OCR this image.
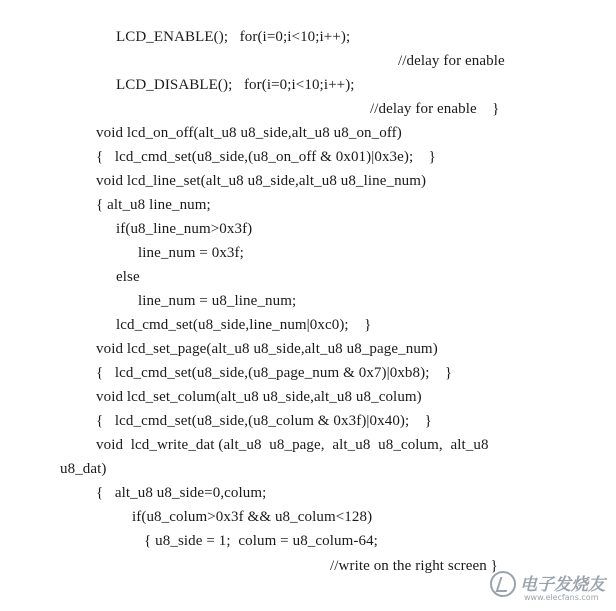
LCD_ENABLE();   for(i=0;i<10;i++);
//delay for enable
LCD_DISABLE();   for(i=0;i<10;i++);
//delay for enable    }
void lcd_on_off(alt_u8 u8_side,alt_u8 u8_on_off)
{   lcd_cmd_set(u8_side,(u8_on_off & 0x01)|0x3e);    }
void lcd_line_set(alt_u8 u8_side,alt_u8 u8_line_num)
{ alt_u8 line_num;
if(u8_line_num>0x3f)
line_num = 0x3f;
else
line_num = u8_line_num;
lcd_cmd_set(u8_side,line_num|0xc0);    }
void lcd_set_page(alt_u8 u8_side,alt_u8 u8_page_num)
{   lcd_cmd_set(u8_side,(u8_page_num & 0x7)|0xb8);    }
void lcd_set_colum(alt_u8 u8_side,alt_u8 u8_colum)
{   lcd_cmd_set(u8_side,(u8_colum & 0x3f)|0x40);    }
void  lcd_write_dat (alt_u8  u8_page,  alt_u8  u8_colum,  alt_u8
u8_dat)
{   alt_u8 u8_side=0,colum;
if(u8_colum>0x3f && u8_colum<128)
{ u8_side = 1;  colum = u8_colum-64;
//write on the right screen }
电子发烧友
www.elecfans.com
